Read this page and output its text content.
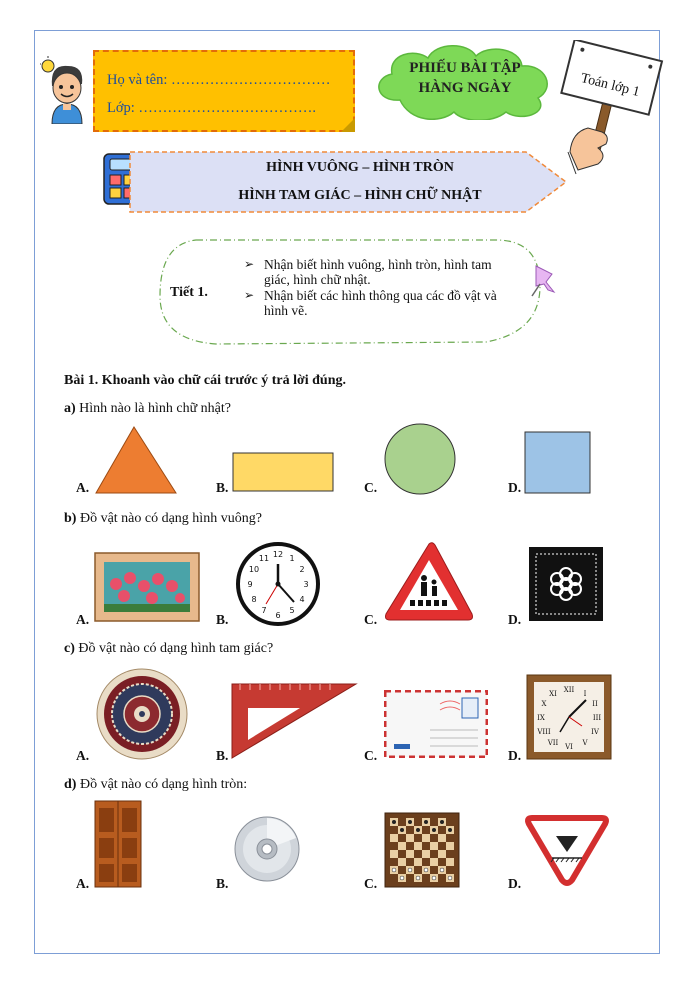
Họ và tên: ……………………………
Lớp: ……………………………….
PHIẾU BÀI TẬP
HÀNG NGÀY	Toán lớp 1
HÌNH VUÔNG – HÌNH TRÒN
HÌNH TAM GIÁC – HÌNH CHỮ NHẬT
Tiết 1.
➢ Nhận biết hình vuông, hình tròn, hình tam giác, hình chữ nhật.
➢ Nhận biết các hình thông qua các đồ vật và hình vẽ.
Bài 1. Khoanh vào chữ cái trước ý trả lời đúng.
a) Hình nào là hình chữ nhật?
A.	B.	C.	D.
b) Đồ vật nào có dạng hình vuông?
A.	B.	C.	D.
12
3
6
9
1
2
4
5
7
8
10
11
c) Đồ vật nào có dạng hình tam giác?
A.	B.	C.	D.
XII I
II
III
IV
V
VI
VII
VIII
IX
X
XI
d) Đồ vật nào có dạng hình tròn:
A.	B.	C.	D.
